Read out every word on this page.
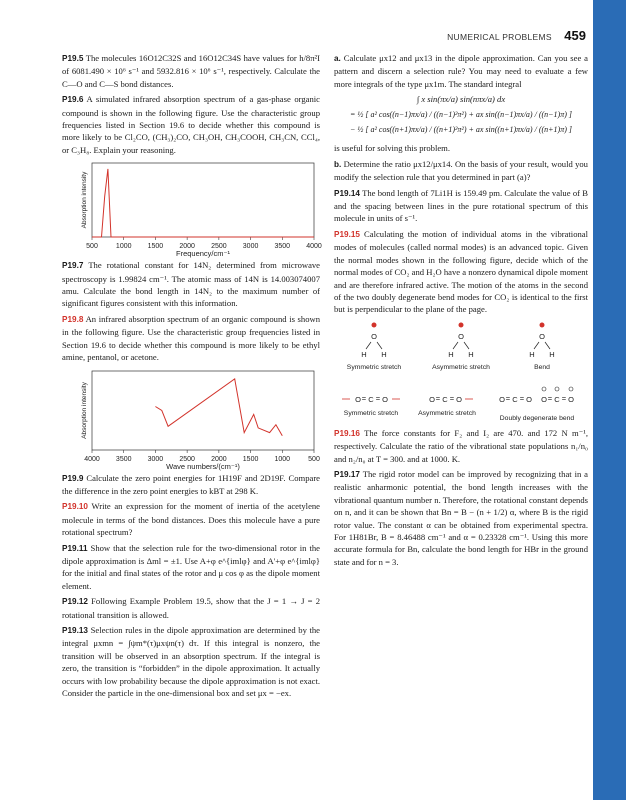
NUMERICAL PROBLEMS 459

P19.5 The molecules 16O12C32S and 16O12C34S have values for h/8π²I of 6081.490 × 10⁶ s⁻¹ and 5932.816 × 10⁶ s⁻¹, respectively. Calculate the C—O and C—S bond distances.

P19.6 A simulated infrared absorption spectrum of a gas-phase organic compound is shown in the following figure. Use the characteristic group frequencies listed in Section 19.6 to decide whether this compound is more likely to be Cl₂CO, (CH₃)₂CO, CH₃OH, CH₃COOH, CH₃CN, CCl₄, or C₃H₈. Explain your reasoning.

500	1000 1500 2000 2500 3000 3500 4000
Frequency/cm⁻¹
Absorption intensity

P19.7 The rotational constant for 14N₂ determined from microwave spectroscopy is 1.99824 cm⁻¹. The atomic mass of 14N is 14.003074007 amu. Calculate the bond length in 14N₂ to the maximum number of significant figures consistent with this information.

P19.8 An infrared absorption spectrum of an organic compound is shown in the following figure. Use the characteristic group frequencies listed in Section 19.6 to decide whether this compound is more likely to be ethyl amine, pentanol, or acetone.

4000 3500 3000 2500 2000 1500 1000	500
Wave numbers/(cm⁻¹)
Absorption intensity

P19.9 Calculate the zero point energies for 1H19F and 2D19F. Compare the difference in the zero point energies to kBT at 298 K.

P19.10 Write an expression for the moment of inertia of the acetylene molecule in terms of the bond distances. Does this molecule have a pure rotational spectrum?

P19.11 Show that the selection rule for the two-dimensional rotor in the dipole approximation is Δml = ±1. Use A+φ e^{imlφ} and A'+φ e^{imlφ} for the initial and final states of the rotor and μ cos φ as the dipole moment element.

P19.12 Following Example Problem 19.5, show that the J = 1 → J = 2 rotational transition is allowed.

P19.13 Selection rules in the dipole approximation are determined by the integral μxmn = ∫ψm*(τ)μxψn(τ) dτ. If this integral is nonzero, the transition will be observed in an absorption spectrum. If the integral is zero, the transition is “forbidden” in the dipole approximation. It actually occurs with low probability because the dipole approximation is not exact. Consider the particle in the one-dimensional box and set μx = −ex.

a. Calculate μx12 and μx13 in the dipole approximation. Can you see a pattern and discern a selection rule? You may need to evaluate a few more integrals of the type μx1m. The standard integral

∫ x sin(πx/a) sin(nπx/a) dx
= ½ [ a² cos((n−1)πx/a) / ((n−1)²π²) + ax sin((n−1)πx/a) / ((n−1)π) ]
− ½ [ a² cos((n+1)πx/a) / ((n+1)²π²) + ax sin((n+1)πx/a) / ((n+1)π) ]

is useful for solving this problem.

b. Determine the ratio μx12/μx14. On the basis of your result, would you modify the selection rule that you determined in part (a)?

P19.14 The bond length of 7Li1H is 159.49 pm. Calculate the value of B and the spacing between lines in the pure rotational spectrum of this molecule in units of s⁻¹.

P19.15 Calculating the motion of individual atoms in the vibrational modes of molecules (called normal modes) is an advanced topic. Given the normal modes shown in the following figure, decide which of the normal modes of CO₂ and H₂O have a nonzero dynamical dipole moment and are therefore infrared active. The motion of the atoms in the second of the two doubly degenerate bend modes for CO₂ is identical to the first but is perpendicular to the plane of the page.

O
H H
Symmetric stretch
O
H H
Asymmetric stretch
O
H H
Bend
O = C = O
Symmetric stretch
O = C = O
Asymmetric stretch
O = C = O O = C = O
Doubly degenerate bend

P19.16 The force constants for F₂ and I₂ are 470. and 172 N m⁻¹, respectively. Calculate the ratio of the vibrational state populations n₁/n₀ and n₂/n₀ at T = 300. and at 1000. K.

P19.17 The rigid rotor model can be improved by recognizing that in a realistic anharmonic potential, the bond length increases with the vibrational quantum number n. Therefore, the rotational constant depends on n, and it can be shown that Bn = B − (n + 1/2) α, where B is the rigid rotor value. The constant α can be obtained from experimental spectra. For 1H81Br, B = 8.46488 cm⁻¹ and α = 0.23328 cm⁻¹. Using this more accurate formula for Bn, calculate the bond length for HBr in the ground state and for n = 3.
